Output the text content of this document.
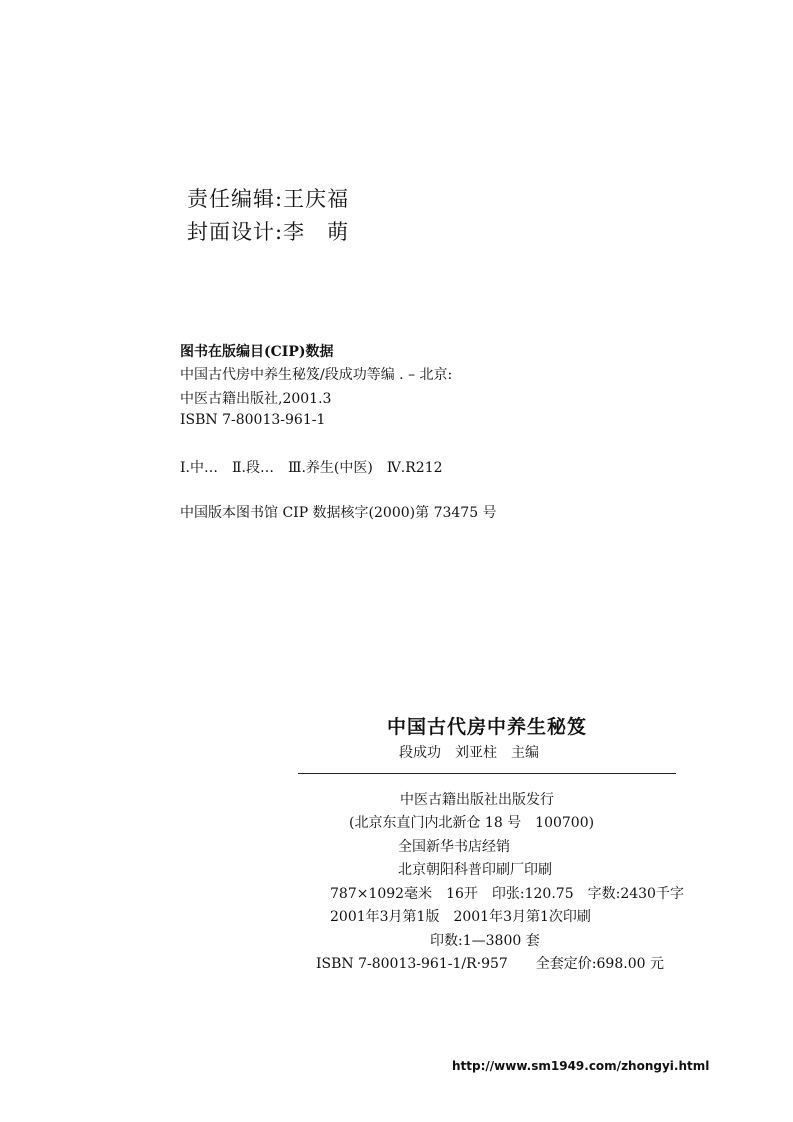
责任编辑:王庆福
封面设计:李　萌
图书在版编目(CIP)数据
中国古代房中养生秘笈/段成功等编 . – 北京:
中医古籍出版社,2001.3
ISBN 7-80013-961-1
Ⅰ.中…　Ⅱ.段…　Ⅲ.养生(中医)　Ⅳ.R212
中国版本图书馆 CIP 数据核字(2000)第 73475 号
中国古代房中养生秘笈
段成功　刘亚柱　主编
中医古籍出版社出版发行
(北京东直门内北新仓 18 号　100700)
全国新华书店经销
北京朝阳科普印刷厂印刷
787×1092毫米　16开　印张:120.75　字数:2430千字
2001年3月第1版　2001年3月第1次印刷
印数:1—3800 套
ISBN 7-80013-961-1/R·957　　全套定价:698.00 元
http://www.sm1949.com/zhongyi.html
